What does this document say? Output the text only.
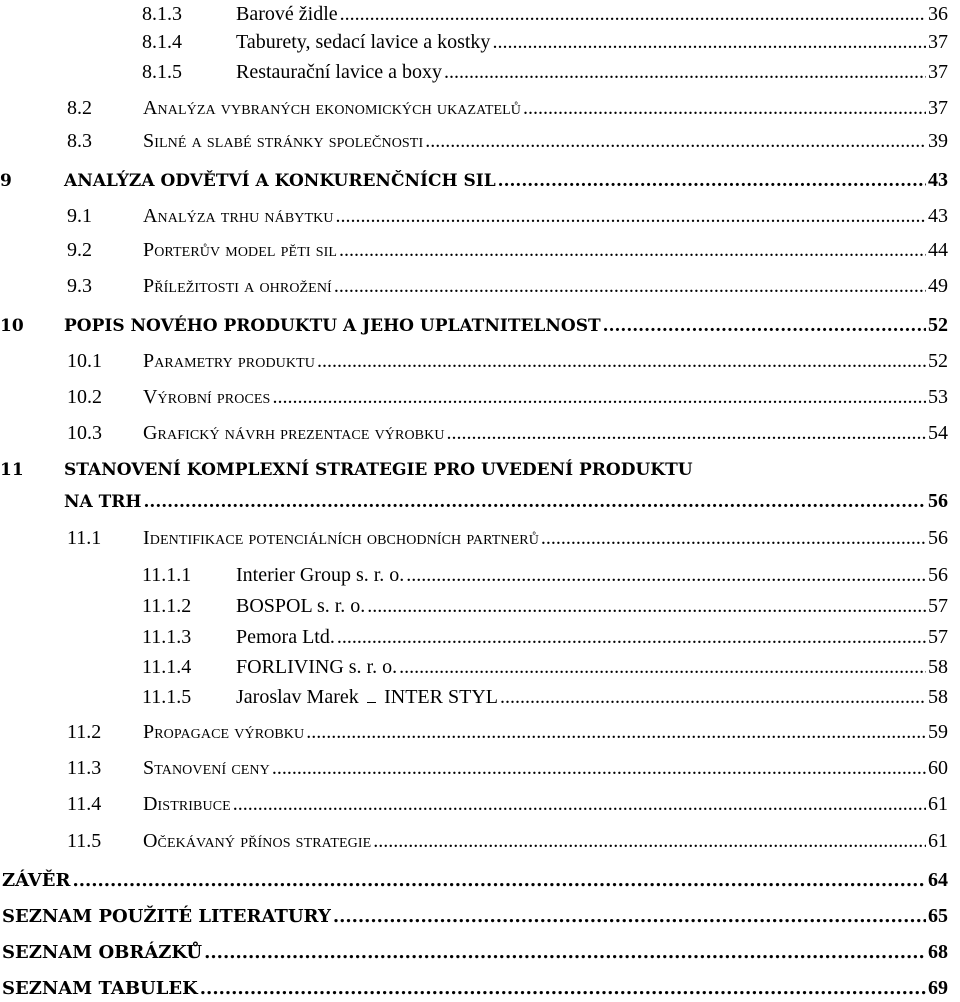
8.1.3	Barové židle .....	36
8.1.4	Taburety, sedací lavice a kostky .....	37
8.1.5	Restaurační lavice a boxy .....	37
8.2	Analýza vybraných ekonomických ukazatelů .....	37
8.3	Silné a slabé stránky společnosti .....	39
9	ANALÝZA ODVĚTVÍ A KONKURENČNÍCH SIL .....	43
9.1	Analýza trhu nábytku .....	43
9.2	Porterův model pěti sil .....	44
9.3	Příležitosti a ohrožení .....	49
10	POPIS NOVÉHO PRODUKTU A JEHO UPLATNITELNOST .....	52
10.1	Parametry produktu .....	52
10.2	Výrobní proces .....	53
10.3	Grafický návrh prezentace výrobku .....	54
11	STANOVENÍ KOMPLEXNÍ STRATEGIE PRO UVEDENÍ PRODUKTU
NA TRH .....	56
11.1	Identifikace potenciálních obchodních partnerů .....	56
11.1.1	Interier Group s. r. o. .....	56
11.1.2	BOSPOL s. r. o. .....	57
11.1.3	Pemora Ltd. .....	57
11.1.4	FORLIVING s. r. o. .....	58
11.1.5	Jaroslav Marek INTER STYL .....	58
11.2	Propagace výrobku .....	59
11.3	Stanovení ceny .....	60
11.4	Distribuce .....	61
11.5	Očekávaný přínos strategie .....	61
ZÁVĚR .....	64
SEZNAM POUŽITÉ LITERATURY .....	65
SEZNAM OBRÁZKŮ .....	68
SEZNAM TABULEK .....	69
